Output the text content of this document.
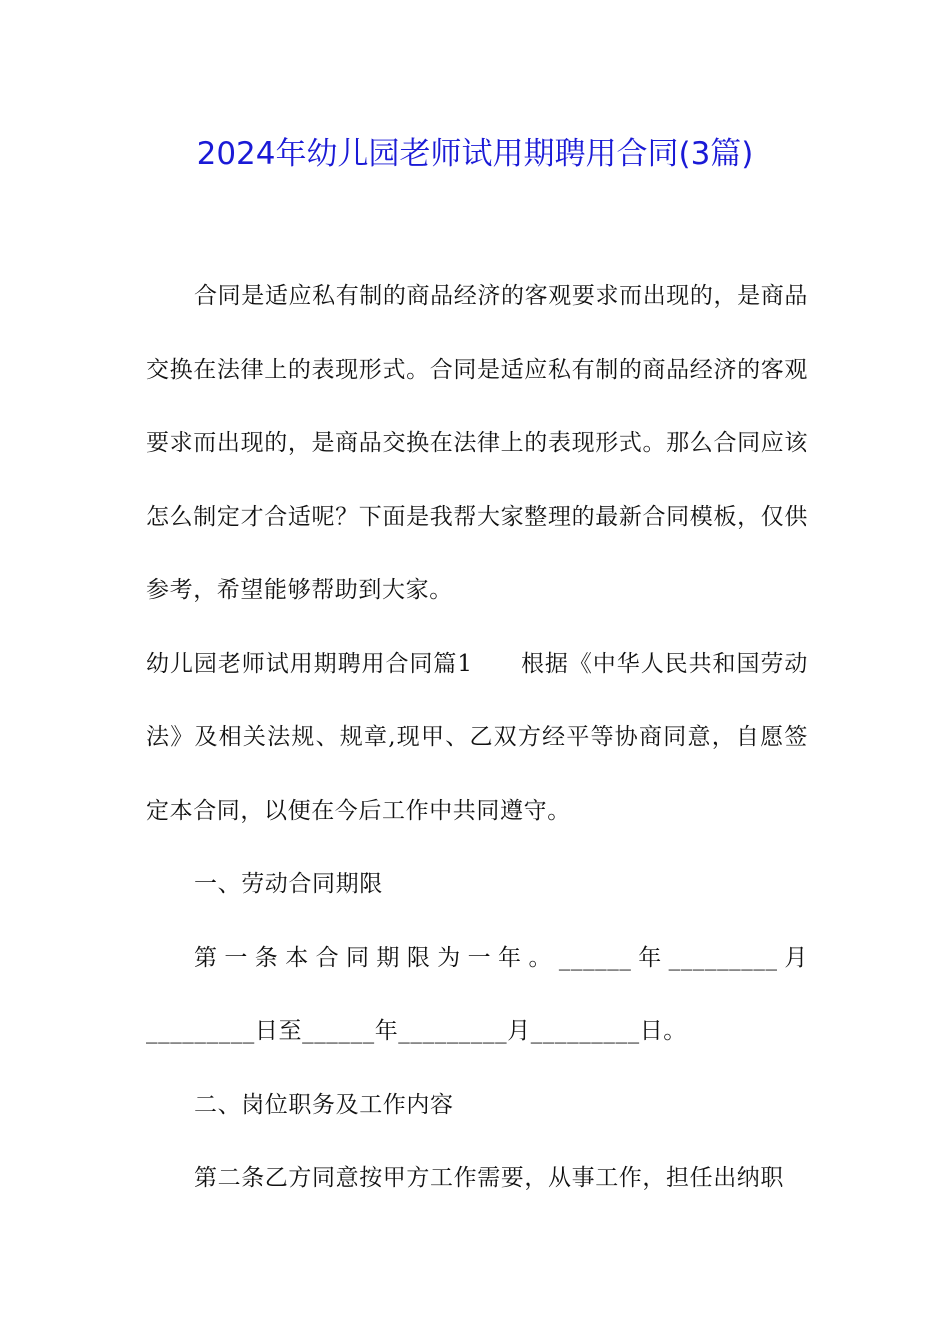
2024年幼儿园老师试用期聘用合同(3篇)

合同是适应私有制的商品经济的客观要求而出现的，是商品交换在法律上的表现形式。合同是适应私有制的商品经济的客观要求而出现的，是商品交换在法律上的表现形式。那么合同应该怎么制定才合适呢？下面是我帮大家整理的最新合同模板，仅供参考，希望能够帮助到大家。

幼儿园老师试用期聘用合同篇1 根据《中华人民共和国劳动法》及相关法规、规章,现甲、乙双方经平等协商同意，自愿签定本合同，以便在今后工作中共同遵守。

一、劳动合同期限

第一条本合同期限为一年。______年_________月_________日至______年_________月_________日。

二、岗位职务及工作内容

第二条乙方同意按甲方工作需要，从事工作，担任出纳职
